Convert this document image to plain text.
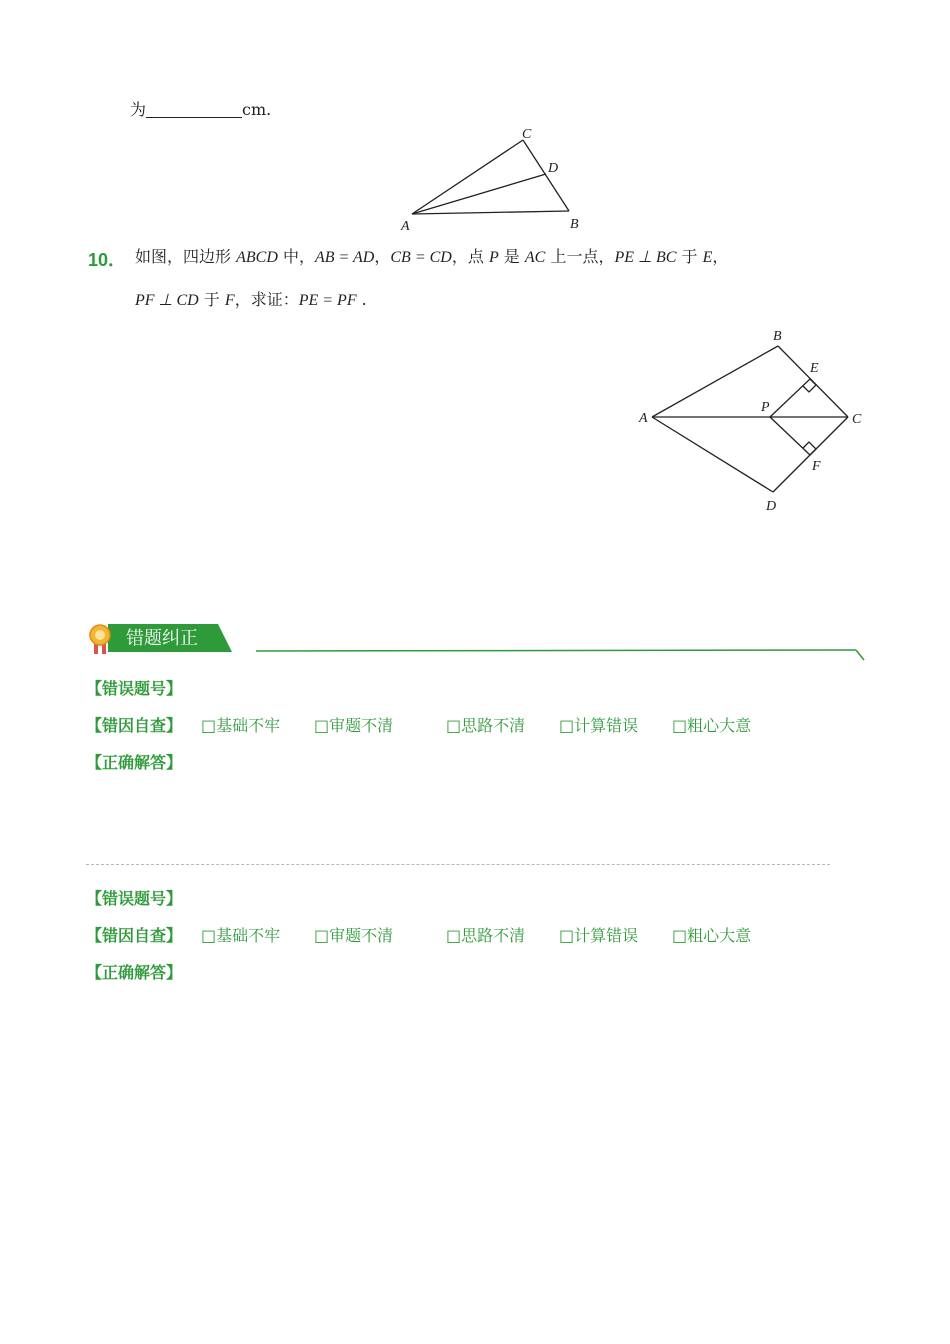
为	cm.
A	B
C
D
10． 如图，四边形 ABCD 中，AB = AD，CB = CD，点 P 是 AC 上一点，PE ⊥ BC 于 E，
PF ⊥ CD 于 F，求证：PE = PF .
A
B
C
D
E
F
P
错题纠正
【错误题号】
【错因自查】 □基础不牢 □审题不清	□思路不清 □计算错误 □粗心大意
【正确解答】
【错误题号】
【错因自查】 □基础不牢 □审题不清	□思路不清 □计算错误 □粗心大意
【正确解答】
